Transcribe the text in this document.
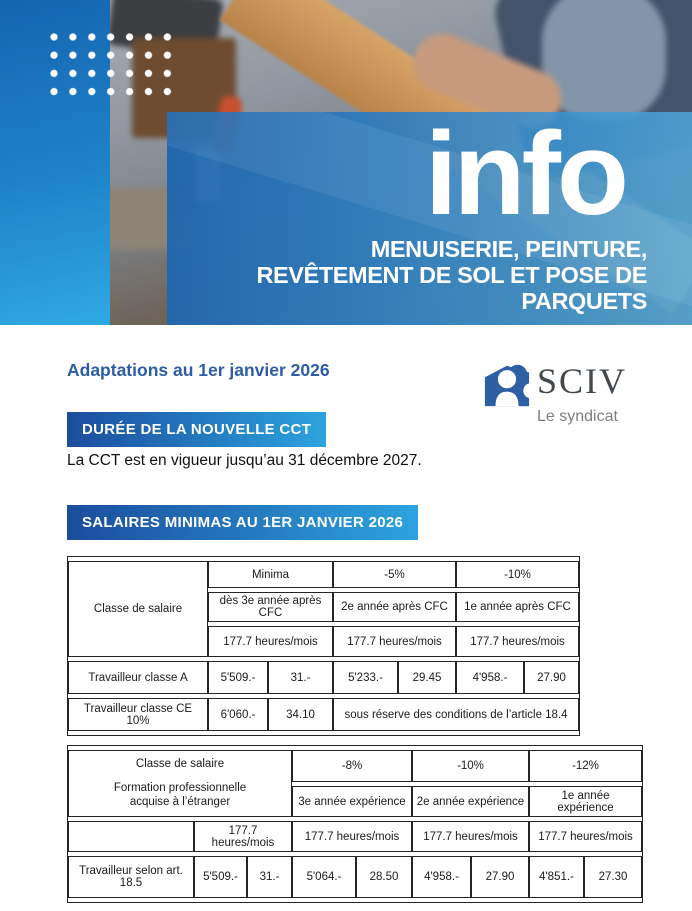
info
MENUISERIE, PEINTURE,
REVÊTEMENT DE SOL ET POSE DE PARQUETS
Adaptations au 1er janvier 2026	SCIV
Le syndicat
DURÉE DE LA NOUVELLE CCT

La CCT est en vigueur jusqu’au 31 décembre 2027.

SALAIRES MINIMAS AU 1ER JANVIER 2026
Classe de salaire	Minima		-5%		-10%	
	dès 3e année après CFC		2e année après CFC		1e année après CFC	
	177.7 heures/mois		177.7 heures/mois		177.7 heures/mois	
Travailleur classe A	5'509.-	31.-	5'233.-	29.45	4'958.-	27.90
Travailleur classe CE 10%	6'060.-	34.10	sous réserve des conditions de l’article 18.4			
Classe de salaire
Formation professionnelle
acquise à l’étranger			-8%		-10%		-12%	
			3e année expérience		2e année expérience		1e année expérience	
	177.7 heures/mois		177.7 heures/mois		177.7 heures/mois		177.7 heures/mois	
Travailleur selon art. 18.5	5'509.-	31.-	5'064.-	28.50	4'958.-	27.90	4'851.-	27.30
